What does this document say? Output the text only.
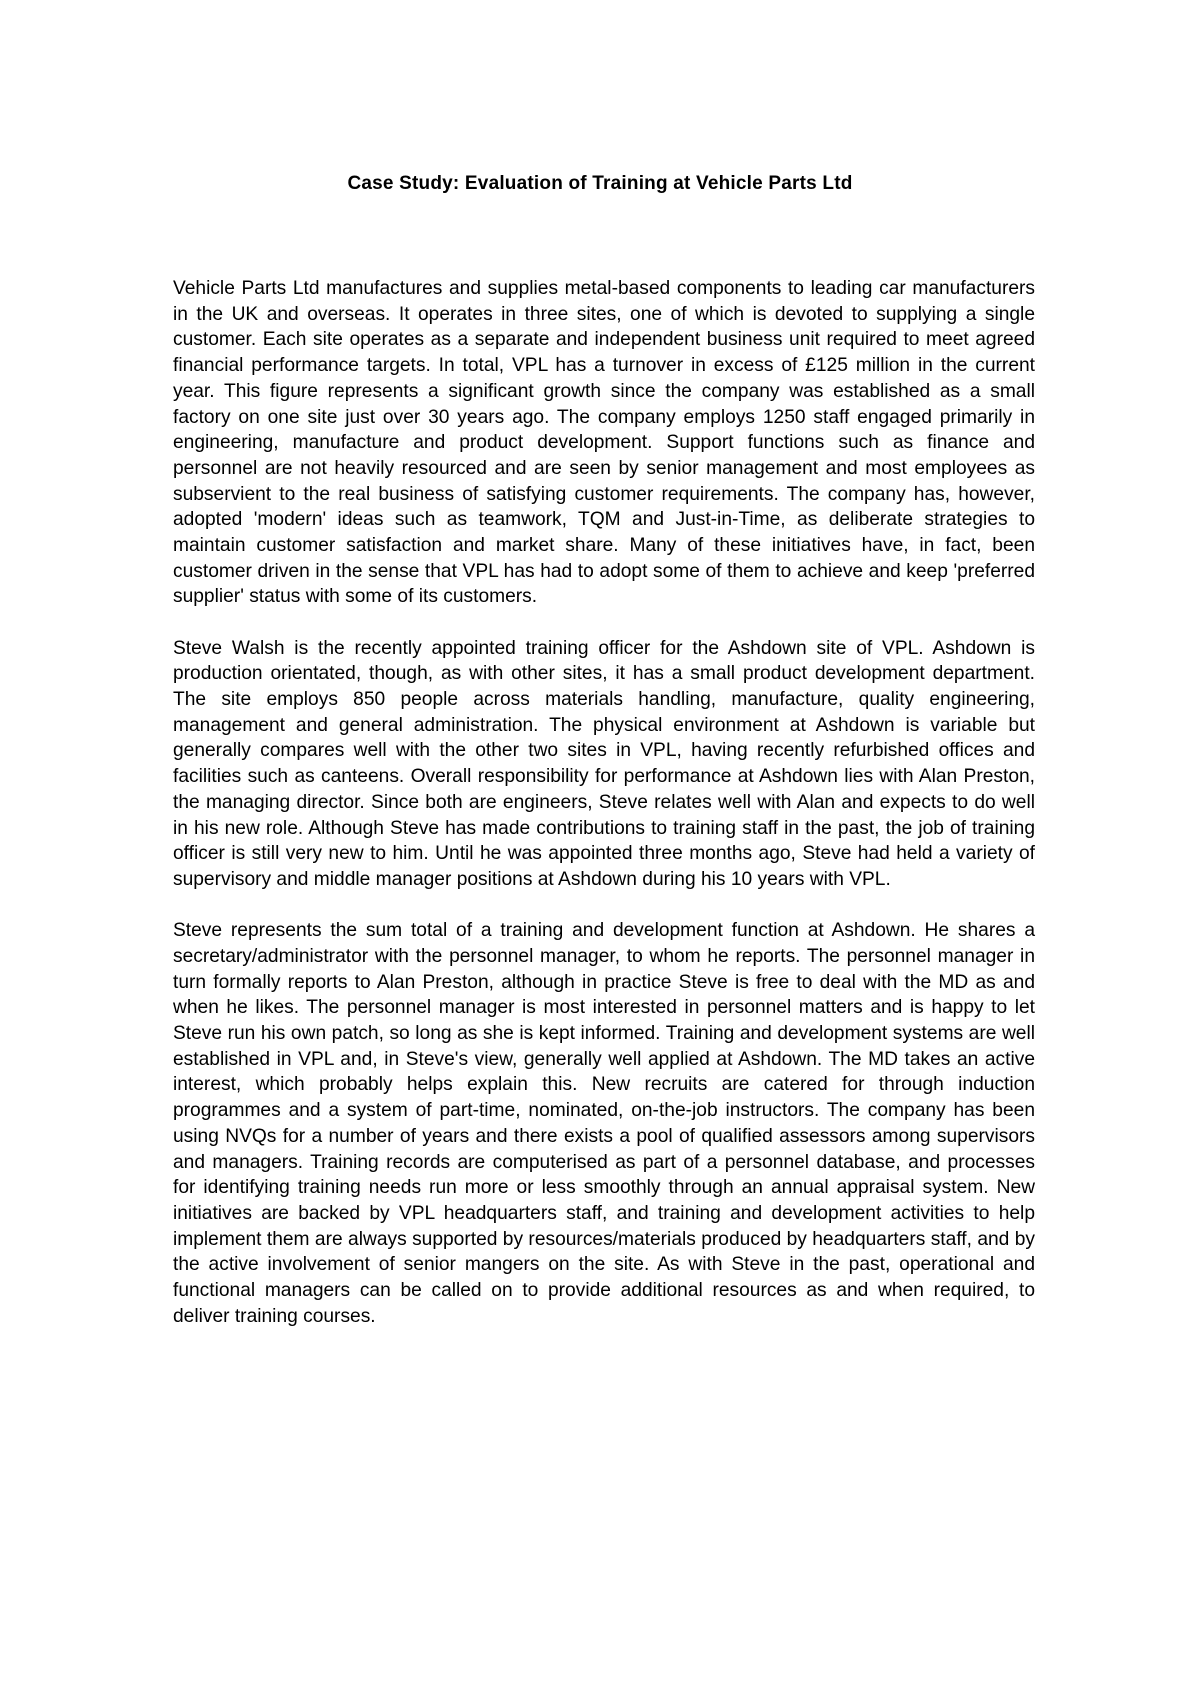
Case Study: Evaluation of Training at Vehicle Parts Ltd

Vehicle Parts Ltd manufactures and supplies metal-based components to leading car manufacturers in the UK and overseas. It operates in three sites, one of which is devoted to supplying a single customer. Each site operates as a separate and independent business unit required to meet agreed financial performance targets. In total, VPL has a turnover in excess of £125 million in the current year. This figure represents a significant growth since the company was established as a small factory on one site just over 30 years ago. The company employs 1250 staff engaged primarily in engineering, manufacture and product development. Support functions such as finance and personnel are not heavily resourced and are seen by senior management and most employees as subservient to the real business of satisfying customer requirements. The company has, however, adopted 'modern' ideas such as teamwork, TQM and Just-in-Time, as deliberate strategies to maintain customer satisfaction and market share. Many of these initiatives have, in fact, been customer driven in the sense that VPL has had to adopt some of them to achieve and keep 'preferred supplier' status with some of its customers.

Steve Walsh is the recently appointed training officer for the Ashdown site of VPL. Ashdown is production orientated, though, as with other sites, it has a small product development department. The site employs 850 people across materials handling, manufacture, quality engineering, management and general administration. The physical environment at Ashdown is variable but generally compares well with the other two sites in VPL, having recently refurbished offices and facilities such as canteens. Overall responsibility for performance at Ashdown lies with Alan Preston, the managing director. Since both are engineers, Steve relates well with Alan and expects to do well in his new role. Although Steve has made contributions to training staff in the past, the job of training officer is still very new to him. Until he was appointed three months ago, Steve had held a variety of supervisory and middle manager positions at Ashdown during his 10 years with VPL.

Steve represents the sum total of a training and development function at Ashdown. He shares a secretary/administrator with the personnel manager, to whom he reports. The personnel manager in turn formally reports to Alan Preston, although in practice Steve is free to deal with the MD as and when he likes. The personnel manager is most interested in personnel matters and is happy to let Steve run his own patch, so long as she is kept informed. Training and development systems are well established in VPL and, in Steve's view, generally well applied at Ashdown. The MD takes an active interest, which probably helps explain this. New recruits are catered for through induction programmes and a system of part-time, nominated, on-the-job instructors. The company has been using NVQs for a number of years and there exists a pool of qualified assessors among supervisors and managers. Training records are computerised as part of a personnel database, and processes for identifying training needs run more or less smoothly through an annual appraisal system. New initiatives are backed by VPL headquarters staff, and training and development activities to help implement them are always supported by resources/materials produced by headquarters staff, and by the active involvement of senior mangers on the site. As with Steve in the past, operational and functional managers can be called on to provide additional resources as and when required, to deliver training courses.
